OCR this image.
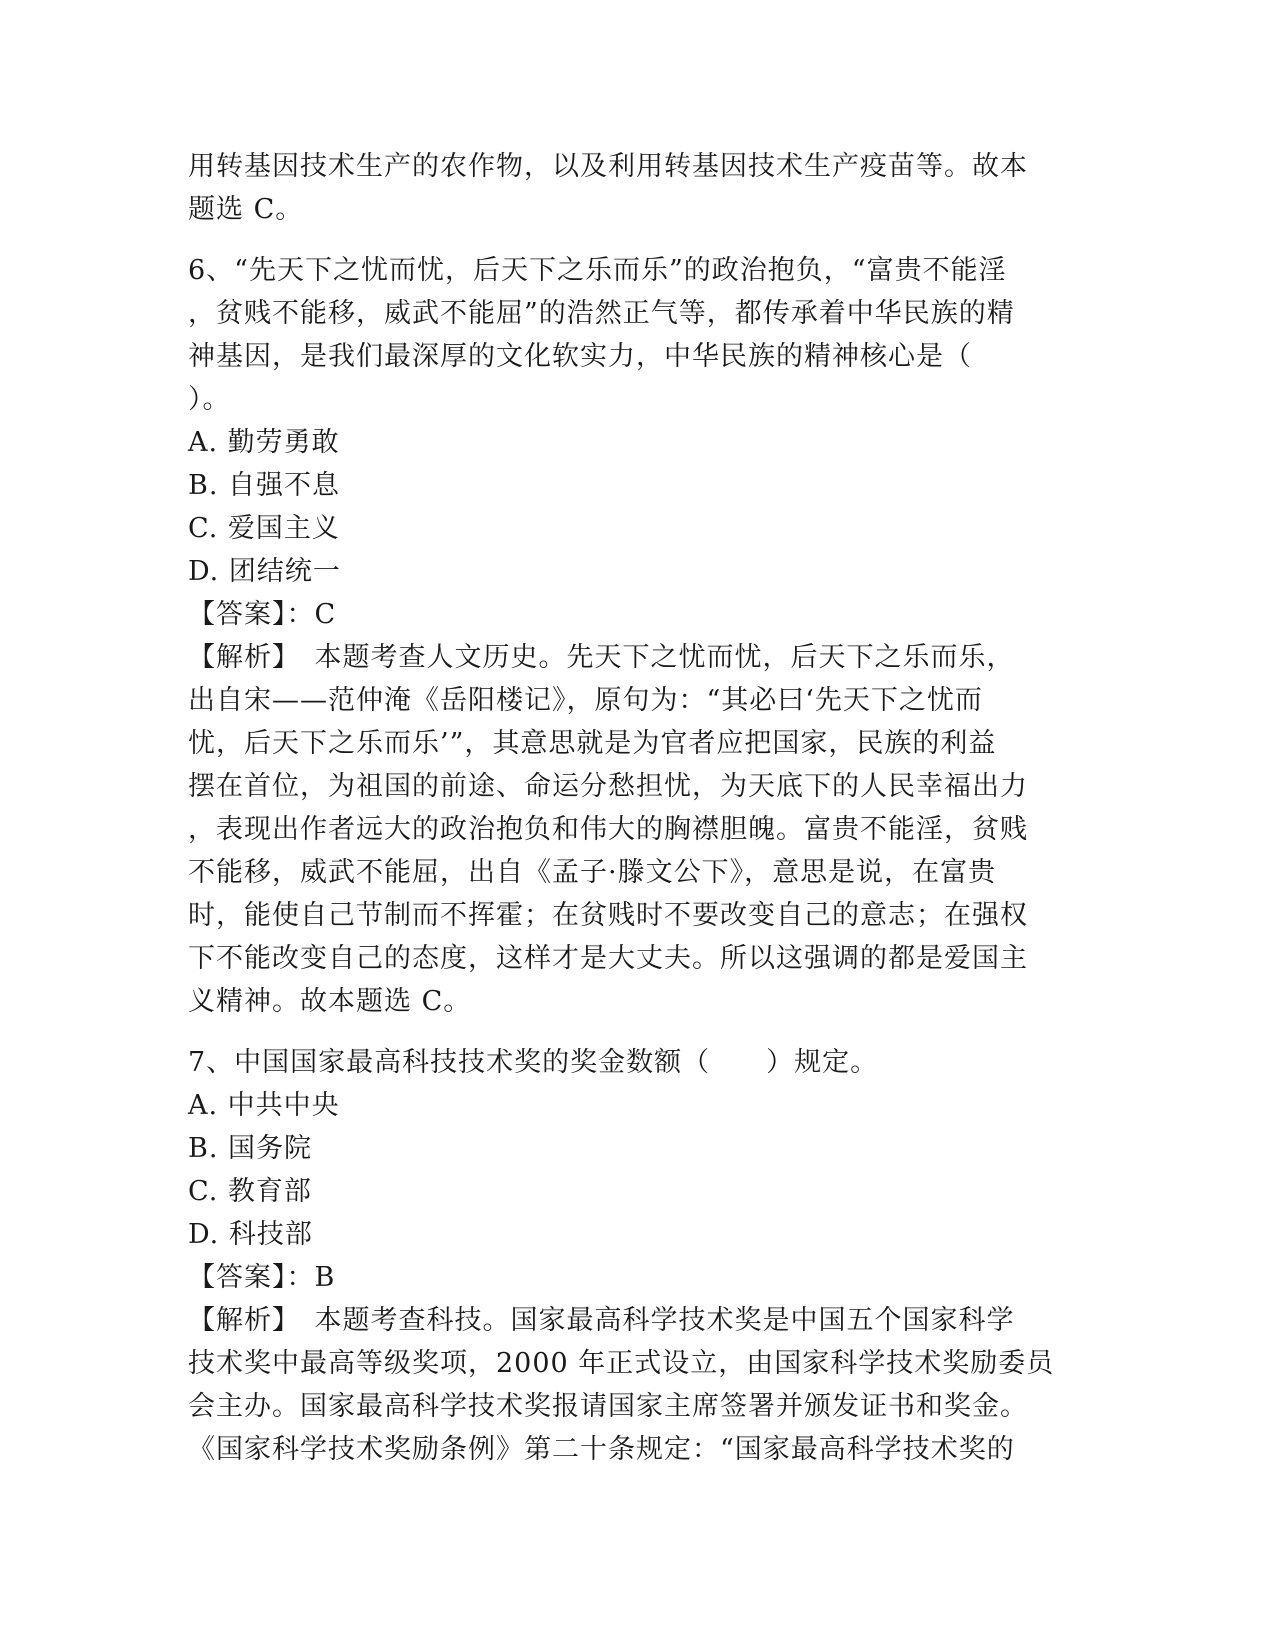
用转基因技术生产的农作物，以及利用转基因技术生产疫苗等。故本
题选 C。
6、“先天下之忧而忧，后天下之乐而乐”的政治抱负，“富贵不能淫
，贫贱不能移，威武不能屈”的浩然正气等，都传承着中华民族的精
神基因，是我们最深厚的文化软实力，中华民族的精神核心是（
）。
A. 勤劳勇敢
B. 自强不息
C. 爱国主义
D. 团结统一
【答案】：C
【解析】　本题考查人文历史。先天下之忧而忧，后天下之乐而乐，
出自宋——范仲淹《岳阳楼记》，原句为：“其必曰‘先天下之忧而
忧，后天下之乐而乐’”，其意思就是为官者应把国家，民族的利益
摆在首位，为祖国的前途、命运分愁担忧，为天底下的人民幸福出力
，表现出作者远大的政治抱负和伟大的胸襟胆魄。富贵不能淫，贫贱
不能移，威武不能屈，出自《孟子·滕文公下》，意思是说，在富贵
时，能使自己节制而不挥霍；在贫贱时不要改变自己的意志；在强权
下不能改变自己的态度，这样才是大丈夫。所以这强调的都是爱国主
义精神。故本题选 C。
7、中国国家最高科技技术奖的奖金数额（　　）规定。
A. 中共中央
B. 国务院
C. 教育部
D. 科技部
【答案】：B
【解析】　本题考查科技。国家最高科学技术奖是中国五个国家科学
技术奖中最高等级奖项，2000 年正式设立，由国家科学技术奖励委员
会主办。国家最高科学技术奖报请国家主席签署并颁发证书和奖金。
《国家科学技术奖励条例》第二十条规定：“国家最高科学技术奖的
